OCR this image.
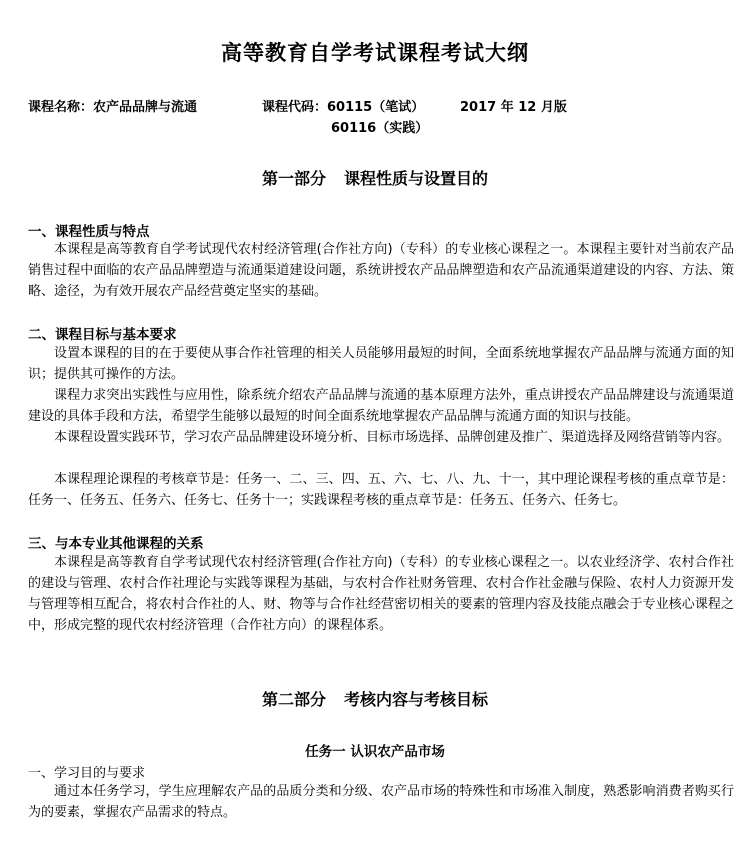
高等教育自学考试课程考试大纲
课程名称：农产品品牌与流通	课程代码：60115（笔试）	2017 年 12 月版
60116（实践）
第一部分 课程性质与设置目的
一、课程性质与特点
本课程是高等教育自学考试现代农村经济管理(合作社方向)（专科）的专业核心课程之一。本课程主要针对当前农产品销售过程中面临的农产品品牌塑造与流通渠道建设问题，系统讲授农产品品牌塑造和农产品流通渠道建设的内容、方法、策略、途径，为有效开展农产品经营奠定坚实的基础。
二、课程目标与基本要求
设置本课程的目的在于要使从事合作社管理的相关人员能够用最短的时间，全面系统地掌握农产品品牌与流通方面的知识；提供其可操作的方法。
课程力求突出实践性与应用性，除系统介绍农产品品牌与流通的基本原理方法外，重点讲授农产品品牌建设与流通渠道建设的具体手段和方法，希望学生能够以最短的时间全面系统地掌握农产品品牌与流通方面的知识与技能。
本课程设置实践环节，学习农产品品牌建设环境分析、目标市场选择、品牌创建及推广、渠道选择及网络营销等内容。
本课程理论课程的考核章节是：任务一、二、三、四、五、六、七、八、九、十一，其中理论课程考核的重点章节是：任务一、任务五、任务六、任务七、任务十一；实践课程考核的重点章节是：任务五、任务六、任务七。
三、与本专业其他课程的关系
本课程是高等教育自学考试现代农村经济管理(合作社方向)（专科）的专业核心课程之一。以农业经济学、农村合作社的建设与管理、农村合作社理论与实践等课程为基础，与农村合作社财务管理、农村合作社金融与保险、农村人力资源开发与管理等相互配合，将农村合作社的人、财、物等与合作社经营密切相关的要素的管理内容及技能点融会于专业核心课程之中，形成完整的现代农村经济管理（合作社方向）的课程体系。
第二部分 考核内容与考核目标
任务一 认识农产品市场
一、学习目的与要求
通过本任务学习，学生应理解农产品的品质分类和分级、农产品市场的特殊性和市场准入制度，熟悉影响消费者购买行为的要素，掌握农产品需求的特点。
